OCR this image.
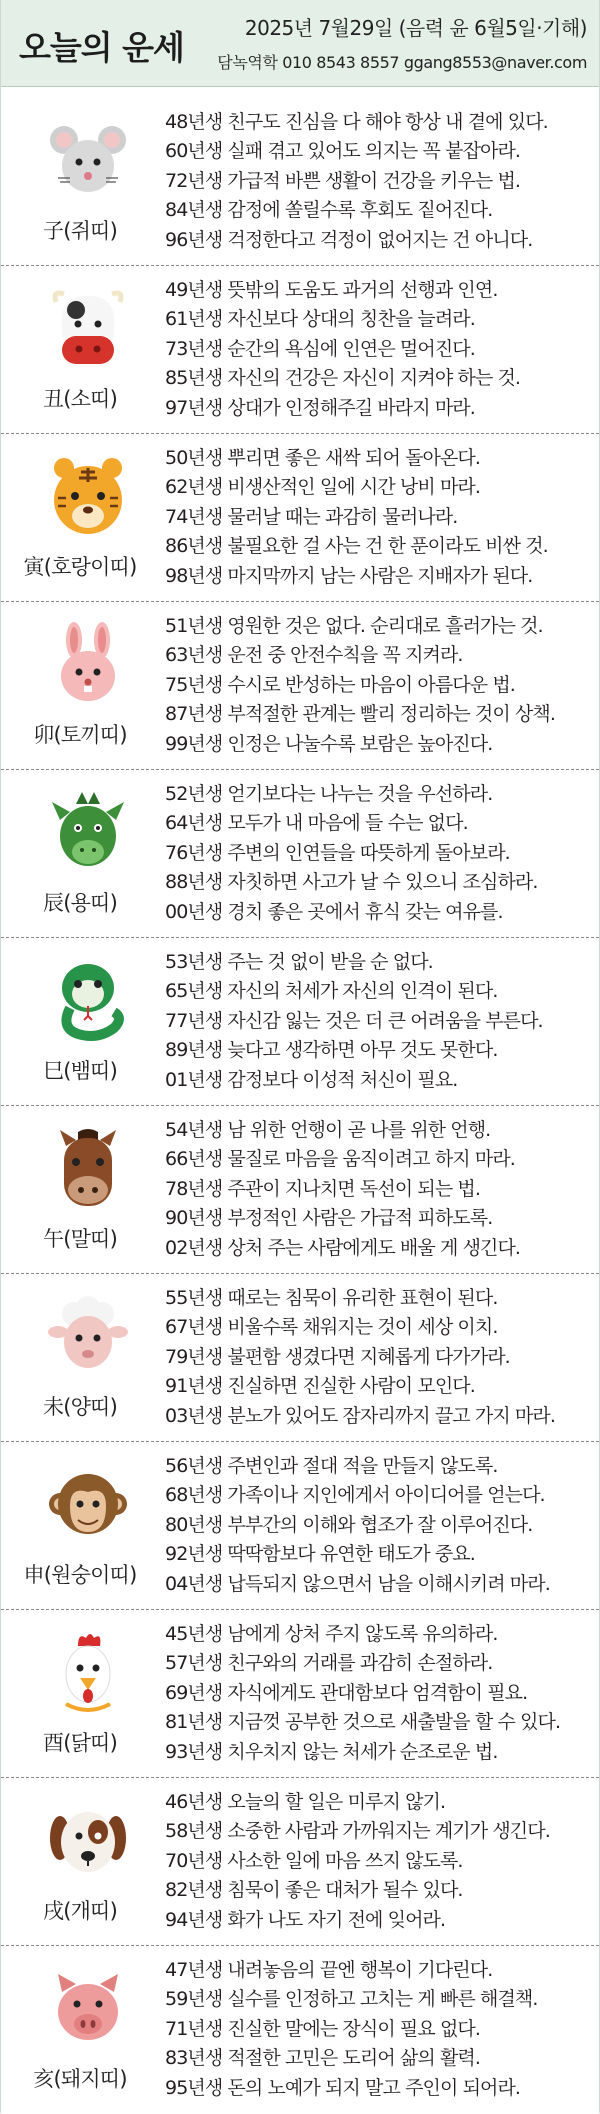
오늘의 운세	2025년 7월29일 (음력 윤 6월5일·기해)
담녹역학 010 8543 8557 ggang8553@naver.com
子(쥐띠)
48년생 친구도 진심을 다 해야 항상 내 곁에 있다.
60년생 실패 겪고 있어도 의지는 꼭 붙잡아라.
72년생 가급적 바쁜 생활이 건강을 키우는 법.
84년생 감정에 쏠릴수록 후회도 짙어진다.
96년생 걱정한다고 걱정이 없어지는 건 아니다.
丑(소띠)
49년생 뜻밖의 도움도 과거의 선행과 인연.
61년생 자신보다 상대의 칭찬을 늘려라.
73년생 순간의 욕심에 인연은 멀어진다.
85년생 자신의 건강은 자신이 지켜야 하는 것.
97년생 상대가 인정해주길 바라지 마라.
寅(호랑이띠)
50년생 뿌리면 좋은 새싹 되어 돌아온다.
62년생 비생산적인 일에 시간 낭비 마라.
74년생 물러날 때는 과감히 물러나라.
86년생 불필요한 걸 사는 건 한 푼이라도 비싼 것.
98년생 마지막까지 남는 사람은 지배자가 된다.
卯(토끼띠)
51년생 영원한 것은 없다. 순리대로 흘러가는 것.
63년생 운전 중 안전수칙을 꼭 지켜라.
75년생 수시로 반성하는 마음이 아름다운 법.
87년생 부적절한 관계는 빨리 정리하는 것이 상책.
99년생 인정은 나눌수록 보람은 높아진다.
辰(용띠)
52년생 얻기보다는 나누는 것을 우선하라.
64년생 모두가 내 마음에 들 수는 없다.
76년생 주변의 인연들을 따뜻하게 돌아보라.
88년생 자칫하면 사고가 날 수 있으니 조심하라.
00년생 경치 좋은 곳에서 휴식 갖는 여유를.
巳(뱀띠)
53년생 주는 것 없이 받을 순 없다.
65년생 자신의 처세가 자신의 인격이 된다.
77년생 자신감 잃는 것은 더 큰 어려움을 부른다.
89년생 늦다고 생각하면 아무 것도 못한다.
01년생 감정보다 이성적 처신이 필요.
午(말띠)
54년생 남 위한 언행이 곧 나를 위한 언행.
66년생 물질로 마음을 움직이려고 하지 마라.
78년생 주관이 지나치면 독선이 되는 법.
90년생 부정적인 사람은 가급적 피하도록.
02년생 상처 주는 사람에게도 배울 게 생긴다.
未(양띠)
55년생 때로는 침묵이 유리한 표현이 된다.
67년생 비울수록 채워지는 것이 세상 이치.
79년생 불편함 생겼다면 지혜롭게 다가가라.
91년생 진실하면 진실한 사람이 모인다.
03년생 분노가 있어도 잠자리까지 끌고 가지 마라.
申(원숭이띠)
56년생 주변인과 절대 적을 만들지 않도록.
68년생 가족이나 지인에게서 아이디어를 얻는다.
80년생 부부간의 이해와 협조가 잘 이루어진다.
92년생 딱딱함보다 유연한 태도가 중요.
04년생 납득되지 않으면서 남을 이해시키려 마라.
酉(닭띠)
45년생 남에게 상처 주지 않도록 유의하라.
57년생 친구와의 거래를 과감히 손절하라.
69년생 자식에게도 관대함보다 엄격함이 필요.
81년생 지금껏 공부한 것으로 새출발을 할 수 있다.
93년생 치우치지 않는 처세가 순조로운 법.
戌(개띠)
46년생 오늘의 할 일은 미루지 않기.
58년생 소중한 사람과 가까워지는 계기가 생긴다.
70년생 사소한 일에 마음 쓰지 않도록.
82년생 침묵이 좋은 대처가 될수 있다.
94년생 화가 나도 자기 전에 잊어라.
亥(돼지띠)
47년생 내려놓음의 끝엔 행복이 기다린다.
59년생 실수를 인정하고 고치는 게 빠른 해결책.
71년생 진실한 말에는 장식이 필요 없다.
83년생 적절한 고민은 도리어 삶의 활력.
95년생 돈의 노예가 되지 말고 주인이 되어라.
